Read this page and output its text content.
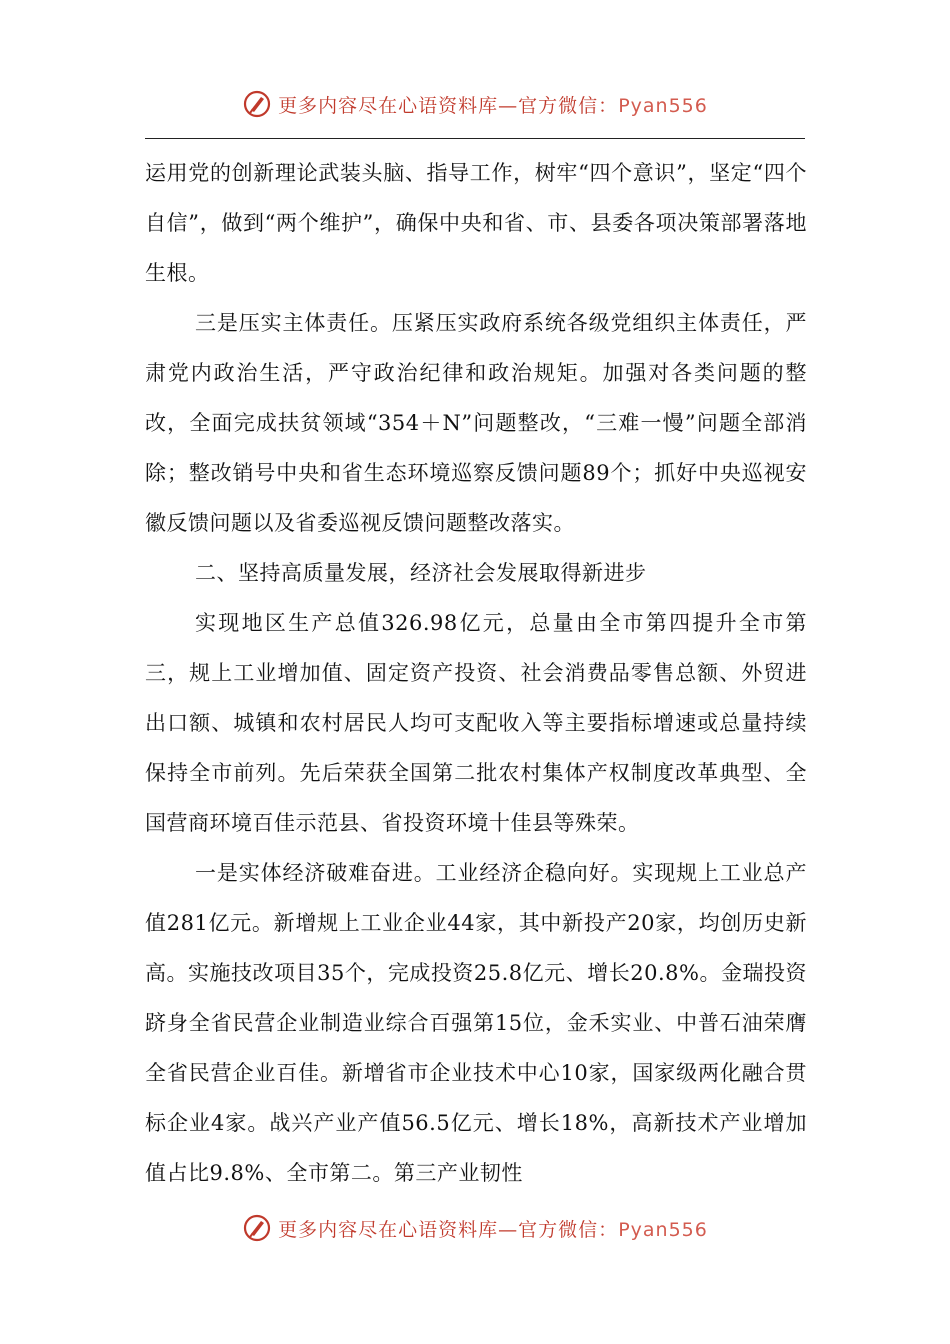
更多内容尽在心语资料库—官方微信：Pyan556

运用党的创新理论武装头脑、指导工作，树牢“四个意识”，坚定“四个自信”，做到“两个维护”，确保中央和省、市、县委各项决策部署落地生根。

三是压实主体责任。压紧压实政府系统各级党组织主体责任，严肃党内政治生活，严守政治纪律和政治规矩。加强对各类问题的整改，全面完成扶贫领域“354＋N”问题整改，“三难一慢”问题全部消除；整改销号中央和省生态环境巡察反馈问题89个；抓好中央巡视安徽反馈问题以及省委巡视反馈问题整改落实。

二、坚持高质量发展，经济社会发展取得新进步

实现地区生产总值326.98亿元，总量由全市第四提升全市第三，规上工业增加值、固定资产投资、社会消费品零售总额、外贸进出口额、城镇和农村居民人均可支配收入等主要指标增速或总量持续保持全市前列。先后荣获全国第二批农村集体产权制度改革典型、全国营商环境百佳示范县、省投资环境十佳县等殊荣。

一是实体经济破难奋进。工业经济企稳向好。实现规上工业总产值281亿元。新增规上工业企业44家，其中新投产20家，均创历史新高。实施技改项目35个，完成投资25.8亿元、增长20.8%。金瑞投资跻身全省民营企业制造业综合百强第15位，金禾实业、中普石油荣膺全省民营企业百佳。新增省市企业技术中心10家，国家级两化融合贯标企业4家。战兴产业产值56.5亿元、增长18%，高新技术产业增加值占比9.8%、全市第二。第三产业韧性

更多内容尽在心语资料库—官方微信：Pyan556
